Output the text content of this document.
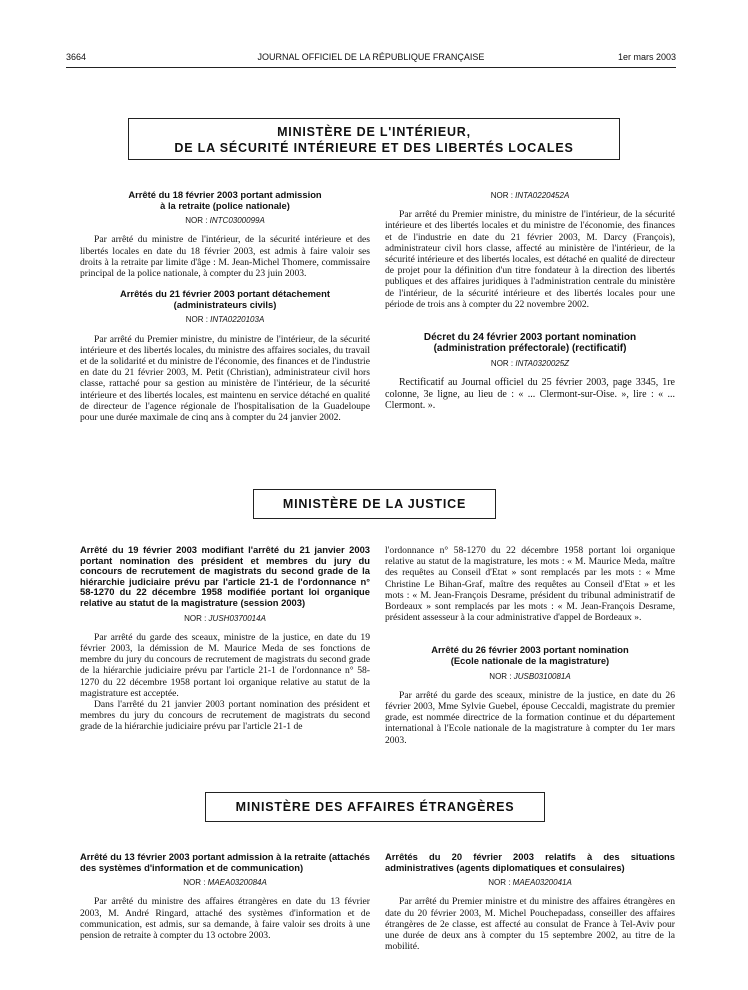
3664	JOURNAL OFFICIEL DE LA RÉPUBLIQUE FRANÇAISE	1er mars 2003
MINISTÈRE DE L'INTÉRIEUR,
DE LA SÉCURITÉ INTÉRIEURE ET DES LIBERTÉS LOCALES

Arrêté du 18 février 2003 portant admission
à la retraite (police nationale)

NOR : INTC0300099A

Par arrêté du ministre de l'intérieur, de la sécurité intérieure et des libertés locales en date du 18 février 2003, est admis à faire valoir ses droits à la retraite par limite d'âge : M. Jean-Michel Thomere, commissaire principal de la police nationale, à compter du 23 juin 2003.

Arrêtés du 21 février 2003 portant détachement
(administrateurs civils)

NOR : INTA0220103A

Par arrêté du Premier ministre, du ministre de l'intérieur, de la sécurité intérieure et des libertés locales, du ministre des affaires sociales, du travail et de la solidarité et du ministre de l'économie, des finances et de l'industrie en date du 21 février 2003, M. Petit (Christian), administrateur civil hors classe, rattaché pour sa gestion au ministère de l'intérieur, de la sécurité intérieure et des libertés locales, est maintenu en service détaché en qualité de directeur de l'agence régionale de l'hospitalisation de la Guadeloupe pour une durée maximale de cinq ans à compter du 24 janvier 2002.

NOR : INTA0220452A

Par arrêté du Premier ministre, du ministre de l'intérieur, de la sécurité intérieure et des libertés locales et du ministre de l'économie, des finances et de l'industrie en date du 21 février 2003, M. Darcy (François), administrateur civil hors classe, affecté au ministère de l'intérieur, de la sécurité intérieure et des libertés locales, est détaché en qualité de directeur de projet pour la définition d'un titre fondateur à la direction des libertés publiques et des affaires juridiques à l'administration centrale du ministère de l'intérieur, de la sécurité intérieure et des libertés locales pour une période de trois ans à compter du 22 novembre 2002.

Décret du 24 février 2003 portant nomination
(administration préfectorale) (rectificatif)

NOR : INTA0320025Z

Rectificatif au Journal officiel du 25 février 2003, page 3345, 1re colonne, 3e ligne, au lieu de : « ... Clermont-sur-Oise. », lire : « ... Clermont. ».

MINISTÈRE DE LA JUSTICE

Arrêté du 19 février 2003 modifiant l'arrêté du 21 janvier 2003 portant nomination des président et membres du jury du concours de recrutement de magistrats du second grade de la hiérarchie judiciaire prévu par l'article 21-1 de l'ordonnance n° 58-1270 du 22 décembre 1958 modifiée portant loi organique relative au statut de la magistrature (session 2003)

NOR : JUSH0370014A

Par arrêté du garde des sceaux, ministre de la justice, en date du 19 février 2003, la démission de M. Maurice Meda de ses fonctions de membre du jury du concours de recrutement de magistrats du second grade de la hiérarchie judiciaire prévu par l'article 21-1 de l'ordonnance n° 58-1270 du 22 décembre 1958 portant loi organique relative au statut de la magistrature est acceptée.

Dans l'arrêté du 21 janvier 2003 portant nomination des président et membres du jury du concours de recrutement de magistrats du second grade de la hiérarchie judiciaire prévu par l'article 21-1 de

l'ordonnance n° 58-1270 du 22 décembre 1958 portant loi organique relative au statut de la magistrature, les mots : « M. Maurice Meda, maître des requêtes au Conseil d'Etat » sont remplacés par les mots : « Mme Christine Le Bihan-Graf, maître des requêtes au Conseil d'Etat » et les mots : « M. Jean-François Desrame, président du tribunal administratif de Bordeaux » sont remplacés par les mots : « M. Jean-François Desrame, président assesseur à la cour administrative d'appel de Bordeaux ».

Arrêté du 26 février 2003 portant nomination
(Ecole nationale de la magistrature)

NOR : JUSB0310081A

Par arrêté du garde des sceaux, ministre de la justice, en date du 26 février 2003, Mme Sylvie Guebel, épouse Ceccaldi, magistrate du premier grade, est nommée directrice de la formation continue et du département international à l'Ecole nationale de la magistrature à compter du 1er mars 2003.

MINISTÈRE DES AFFAIRES ÉTRANGÈRES

Arrêté du 13 février 2003 portant admission à la retraite (attachés des systèmes d'information et de communication)

NOR : MAEA0320084A

Par arrêté du ministre des affaires étrangères en date du 13 février 2003, M. André Ringard, attaché des systèmes d'information et de communication, est admis, sur sa demande, à faire valoir ses droits à une pension de retraite à compter du 13 octobre 2003.

Arrêtés du 20 février 2003 relatifs à des situations administratives (agents diplomatiques et consulaires)

NOR : MAEA0320041A

Par arrêté du Premier ministre et du ministre des affaires étrangères en date du 20 février 2003, M. Michel Pouchepadass, conseiller des affaires étrangères de 2e classe, est affecté au consulat de France à Tel-Aviv pour une durée de deux ans à compter du 15 septembre 2002, au titre de la mobilité.
